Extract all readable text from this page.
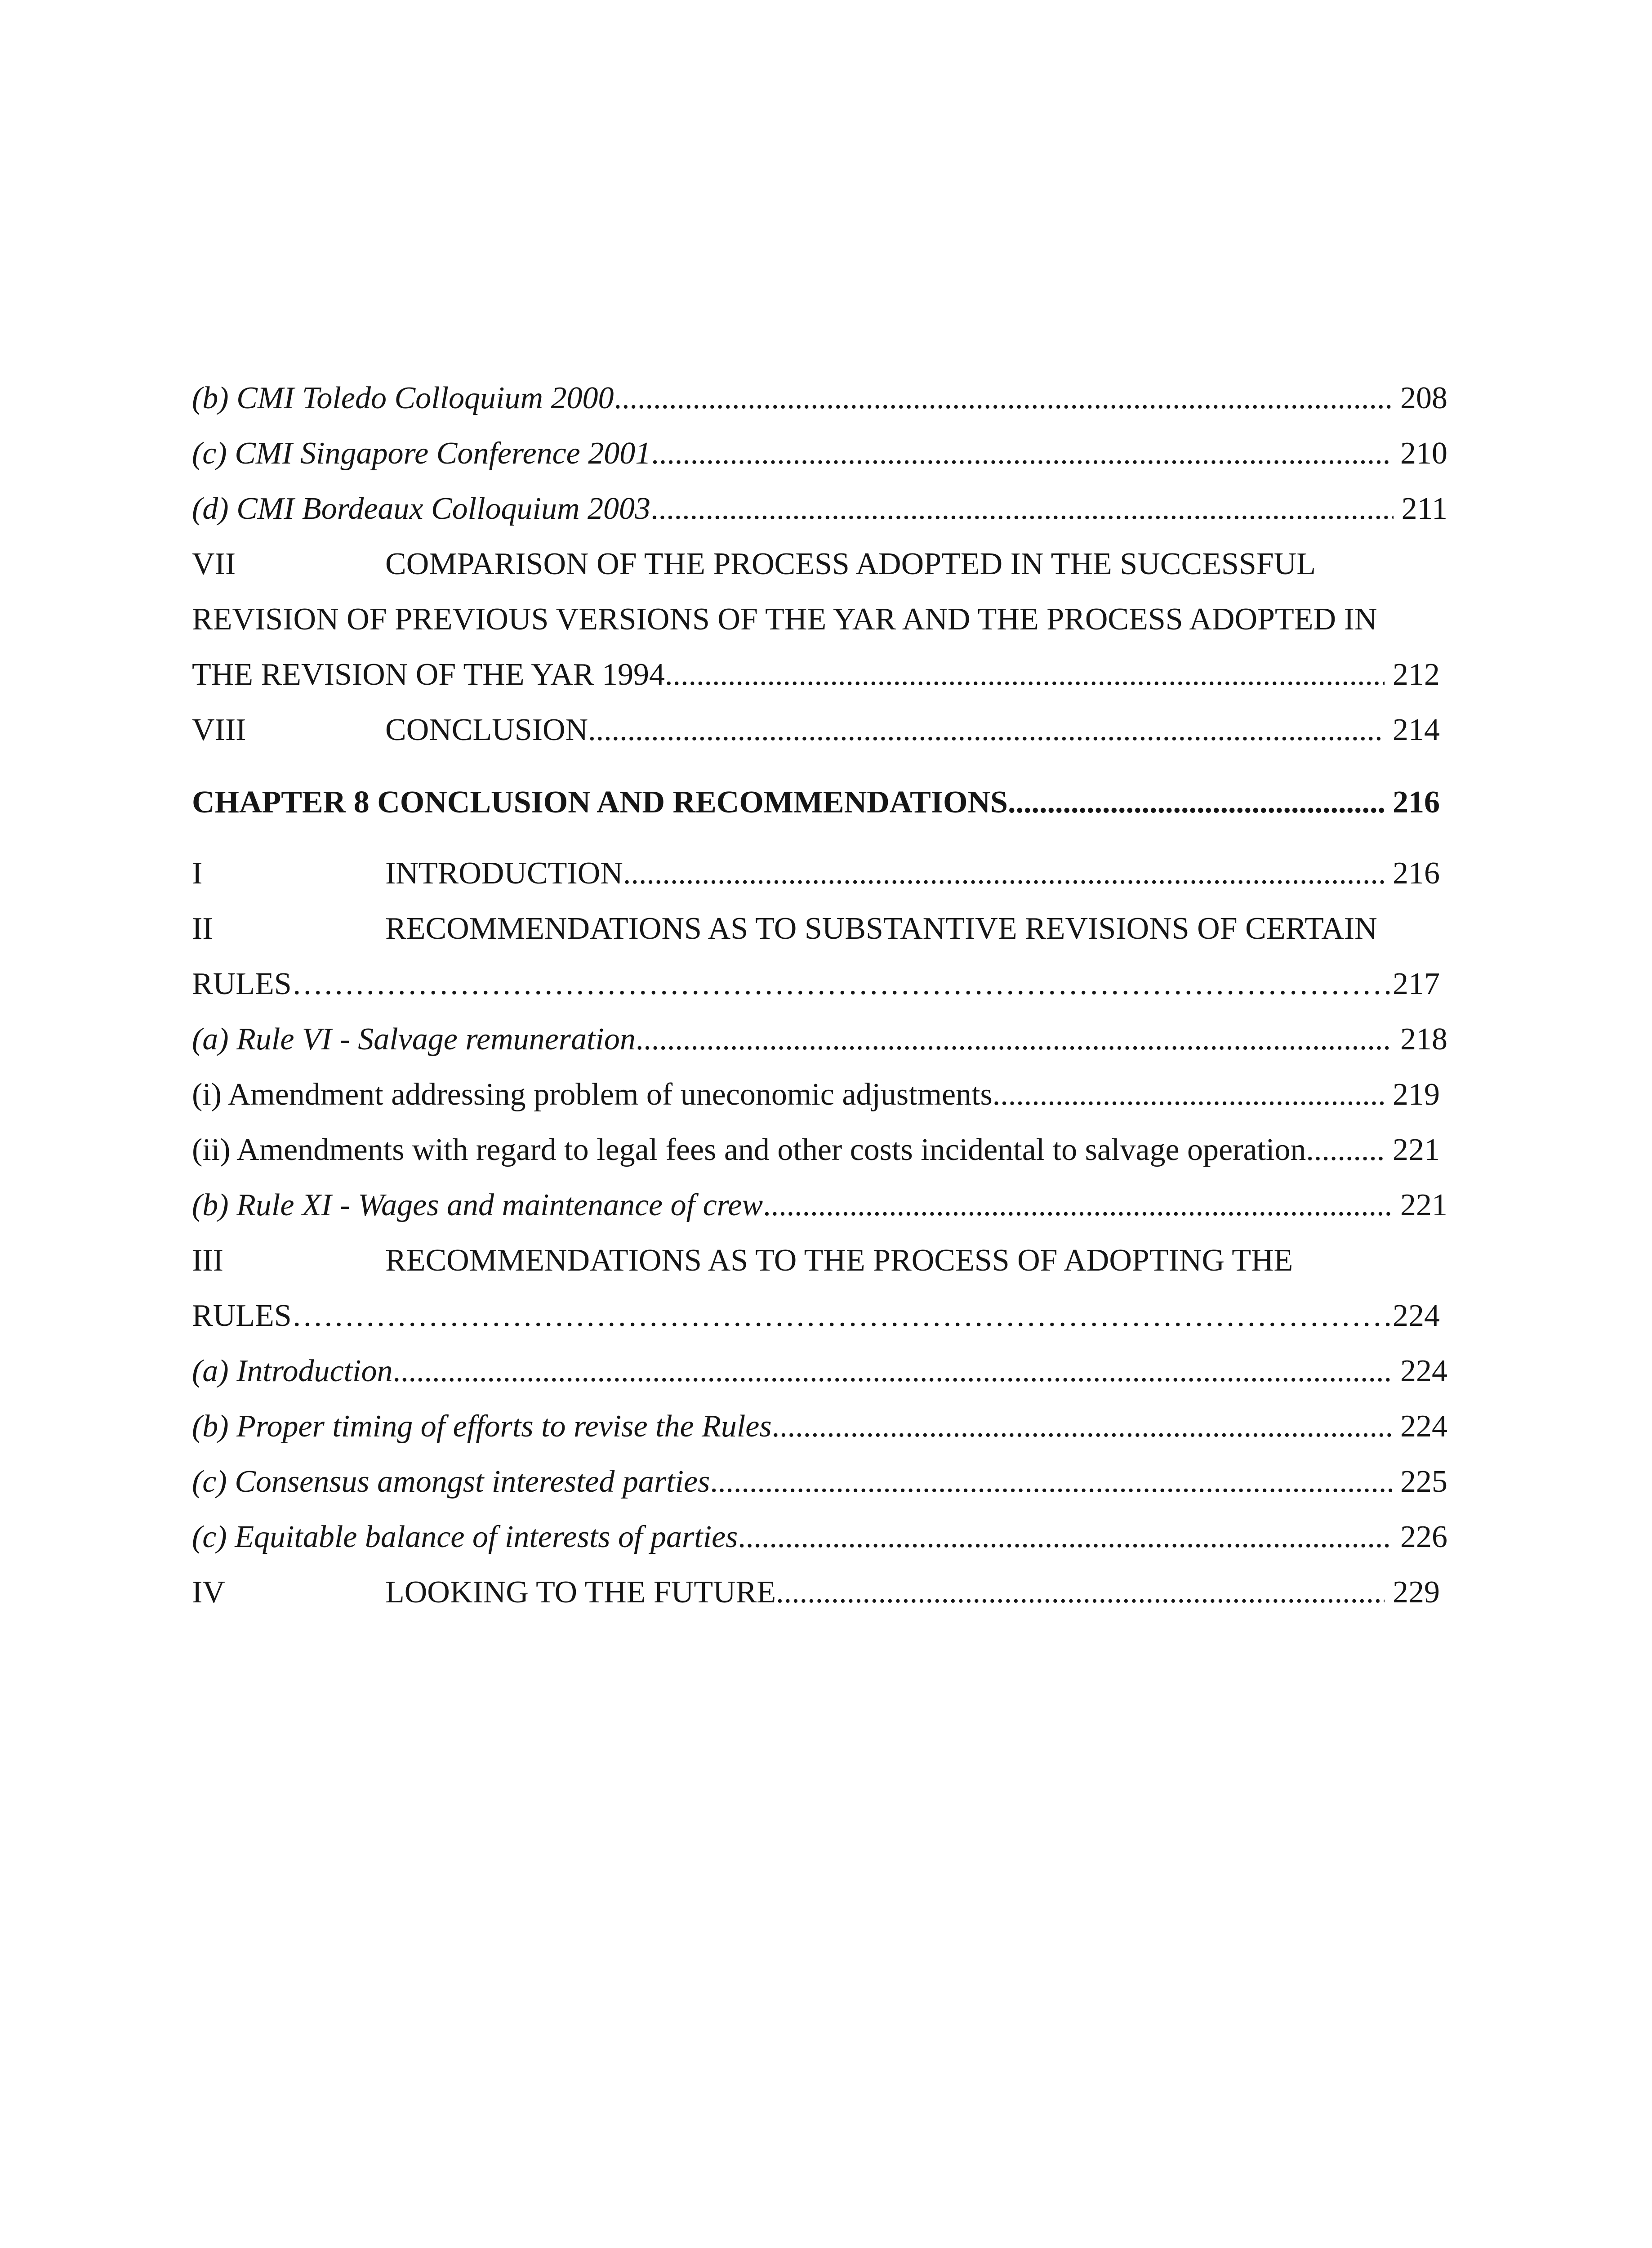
(b) CMI Toledo Colloquium 2000 .....	208
(c) CMI Singapore Conference 2001 .....	210
(d) CMI Bordeaux Colloquium 2003 .....	211
VII	COMPARISON OF THE PROCESS ADOPTED IN THE SUCCESSFUL
REVISION OF PREVIOUS VERSIONS OF THE YAR AND THE PROCESS ADOPTED IN
THE REVISION OF THE YAR 1994 .....	212
VIII	CONCLUSION .....	214
CHAPTER 8 CONCLUSION AND RECOMMENDATIONS .....	216
I	INTRODUCTION .....	216
II	RECOMMENDATIONS AS TO SUBSTANTIVE REVISIONS OF CERTAIN
RULES ……………………………………………………………………………………………	217
(a) Rule VI - Salvage remuneration .....	218
(i) Amendment addressing problem of uneconomic adjustments .....	219
(ii) Amendments with regard to legal fees and other costs incidental to salvage operation .....	221
(b) Rule XI - Wages and maintenance of crew .....	221
III	RECOMMENDATIONS AS TO THE PROCESS OF ADOPTING THE
RULES ……………………………………………………………………………………………	224
(a) Introduction .....	224
(b) Proper timing of efforts to revise the Rules .....	224
(c) Consensus amongst interested parties .....	225
(c) Equitable balance of interests of parties .....	226
IV	LOOKING TO THE FUTURE .....	229
